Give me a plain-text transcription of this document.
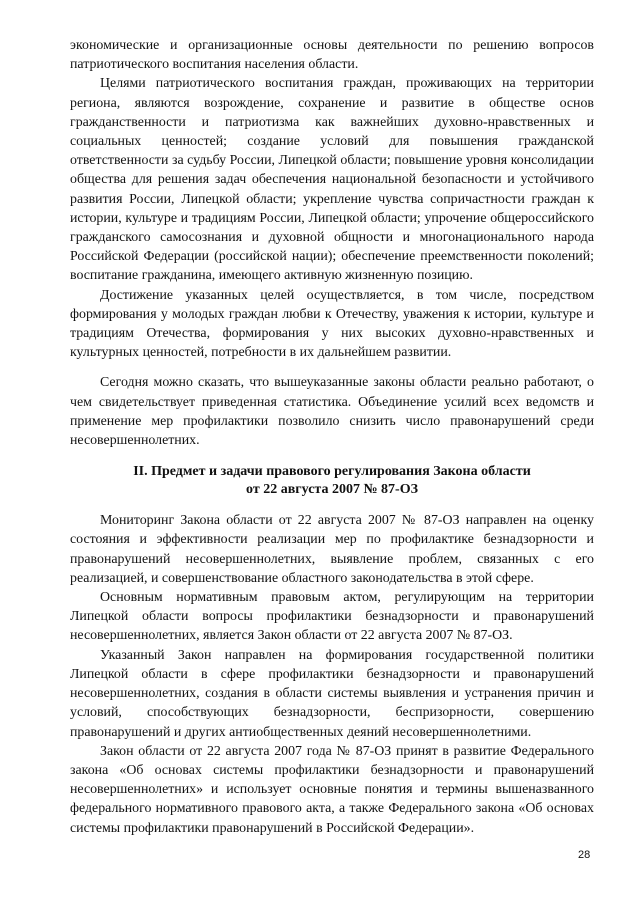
экономические и организационные основы деятельности по решению вопросов патриотического воспитания населения области.

Целями патриотического воспитания граждан, проживающих на территории региона, являются возрождение, сохранение и развитие в обществе основ гражданственности и патриотизма как важнейших духовно-нравственных и социальных ценностей; создание условий для повышения гражданской ответственности за судьбу России, Липецкой области; повышение уровня консолидации общества для решения задач обеспечения национальной безопасности и устойчивого развития России, Липецкой области; укрепление чувства сопричастности граждан к истории, культуре и традициям России, Липецкой области; упрочение общероссийского гражданского самосознания и духовной общности и многонационального народа Российской Федерации (российской нации); обеспечение преемственности поколений; воспитание гражданина, имеющего активную жизненную позицию.

Достижение указанных целей осуществляется, в том числе, посредством формирования у молодых граждан любви к Отечеству, уважения к истории, культуре и традициям Отечества, формирования у них высоких духовно-нравственных и культурных ценностей, потребности в их дальнейшем развитии.

Сегодня можно сказать, что вышеуказанные законы области реально работают, о чем свидетельствует приведенная статистика. Объединение усилий всех ведомств и применение мер профилактики позволило снизить число правонарушений среди несовершеннолетних.

II. Предмет и задачи правового регулирования Закона области
от 22 августа 2007 № 87-ОЗ

Мониторинг Закона области от 22 августа 2007 № 87-ОЗ направлен на оценку состояния и эффективности реализации мер по профилактике безнадзорности и правонарушений несовершеннолетних, выявление проблем, связанных с его реализацией, и совершенствование областного законодательства в этой сфере.

Основным нормативным правовым актом, регулирующим на территории Липецкой области вопросы профилактики безнадзорности и правонарушений несовершеннолетних, является Закон области от 22 августа 2007 № 87-ОЗ.

Указанный Закон направлен на формирования государственной политики Липецкой области в сфере профилактики безнадзорности и правонарушений несовершеннолетних, создания в области системы выявления и устранения причин и условий, способствующих безнадзорности, беспризорности, совершению правонарушений и других антиобщественных деяний несовершеннолетними.

Закон области от 22 августа 2007 года № 87-ОЗ принят в развитие Федерального закона «Об основах системы профилактики безнадзорности и правонарушений несовершеннолетних» и использует основные понятия и термины вышеназванного федерального нормативного правового акта, а также Федерального закона «Об основах системы профилактики правонарушений в Российской Федерации».

28
